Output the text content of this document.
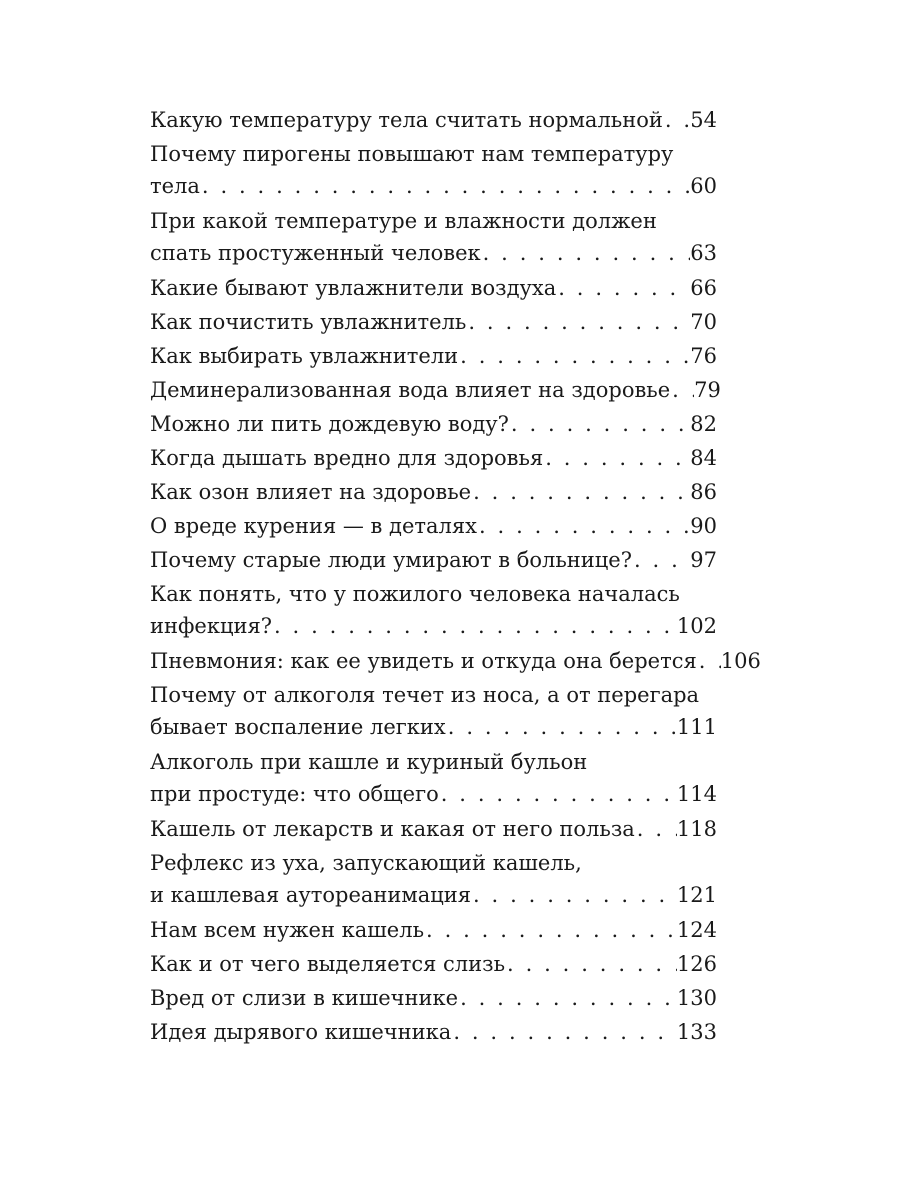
Какую температуру тела считать нормальной . . . 54
Почему пирогены повышают нам температуру
тела . . .	60
При какой температуре и влажности должен
спать простуженный человек . . .	63
Какие бывают увлажнители воздуха . . .	66
Как почистить увлажнитель . . .	70
Как выбирать увлажнители . . .	76
Деминерализованная вода влияет на здоровье . . . 79
Можно ли пить дождевую воду? . . .	82
Когда дышать вредно для здоровья . . .	84
Как озон влияет на здоровье . . .	86
О вреде курения — в деталях . . .	90
Почему старые люди умирают в больнице? . . .	97
Как понять, что у пожилого человека началась
инфекция? . . .	102
Пневмония: как ее увидеть и откуда она берется . . . 106
Почему от алкоголя течет из носа, а от перегара
бывает воспаление легких . . .	111
Алкоголь при кашле и куриный бульон
при простуде: что общего . . .	114
Кашель от лекарств и какая от него польза . . . 118
Рефлекс из уха, запускающий кашель,
и кашлевая аутореанимация . . .	121
Нам всем нужен кашель . . .	124
Как и от чего выделяется слизь . . .	126
Вред от слизи в кишечнике . . .	130
Идея дырявого кишечника . . .	133
